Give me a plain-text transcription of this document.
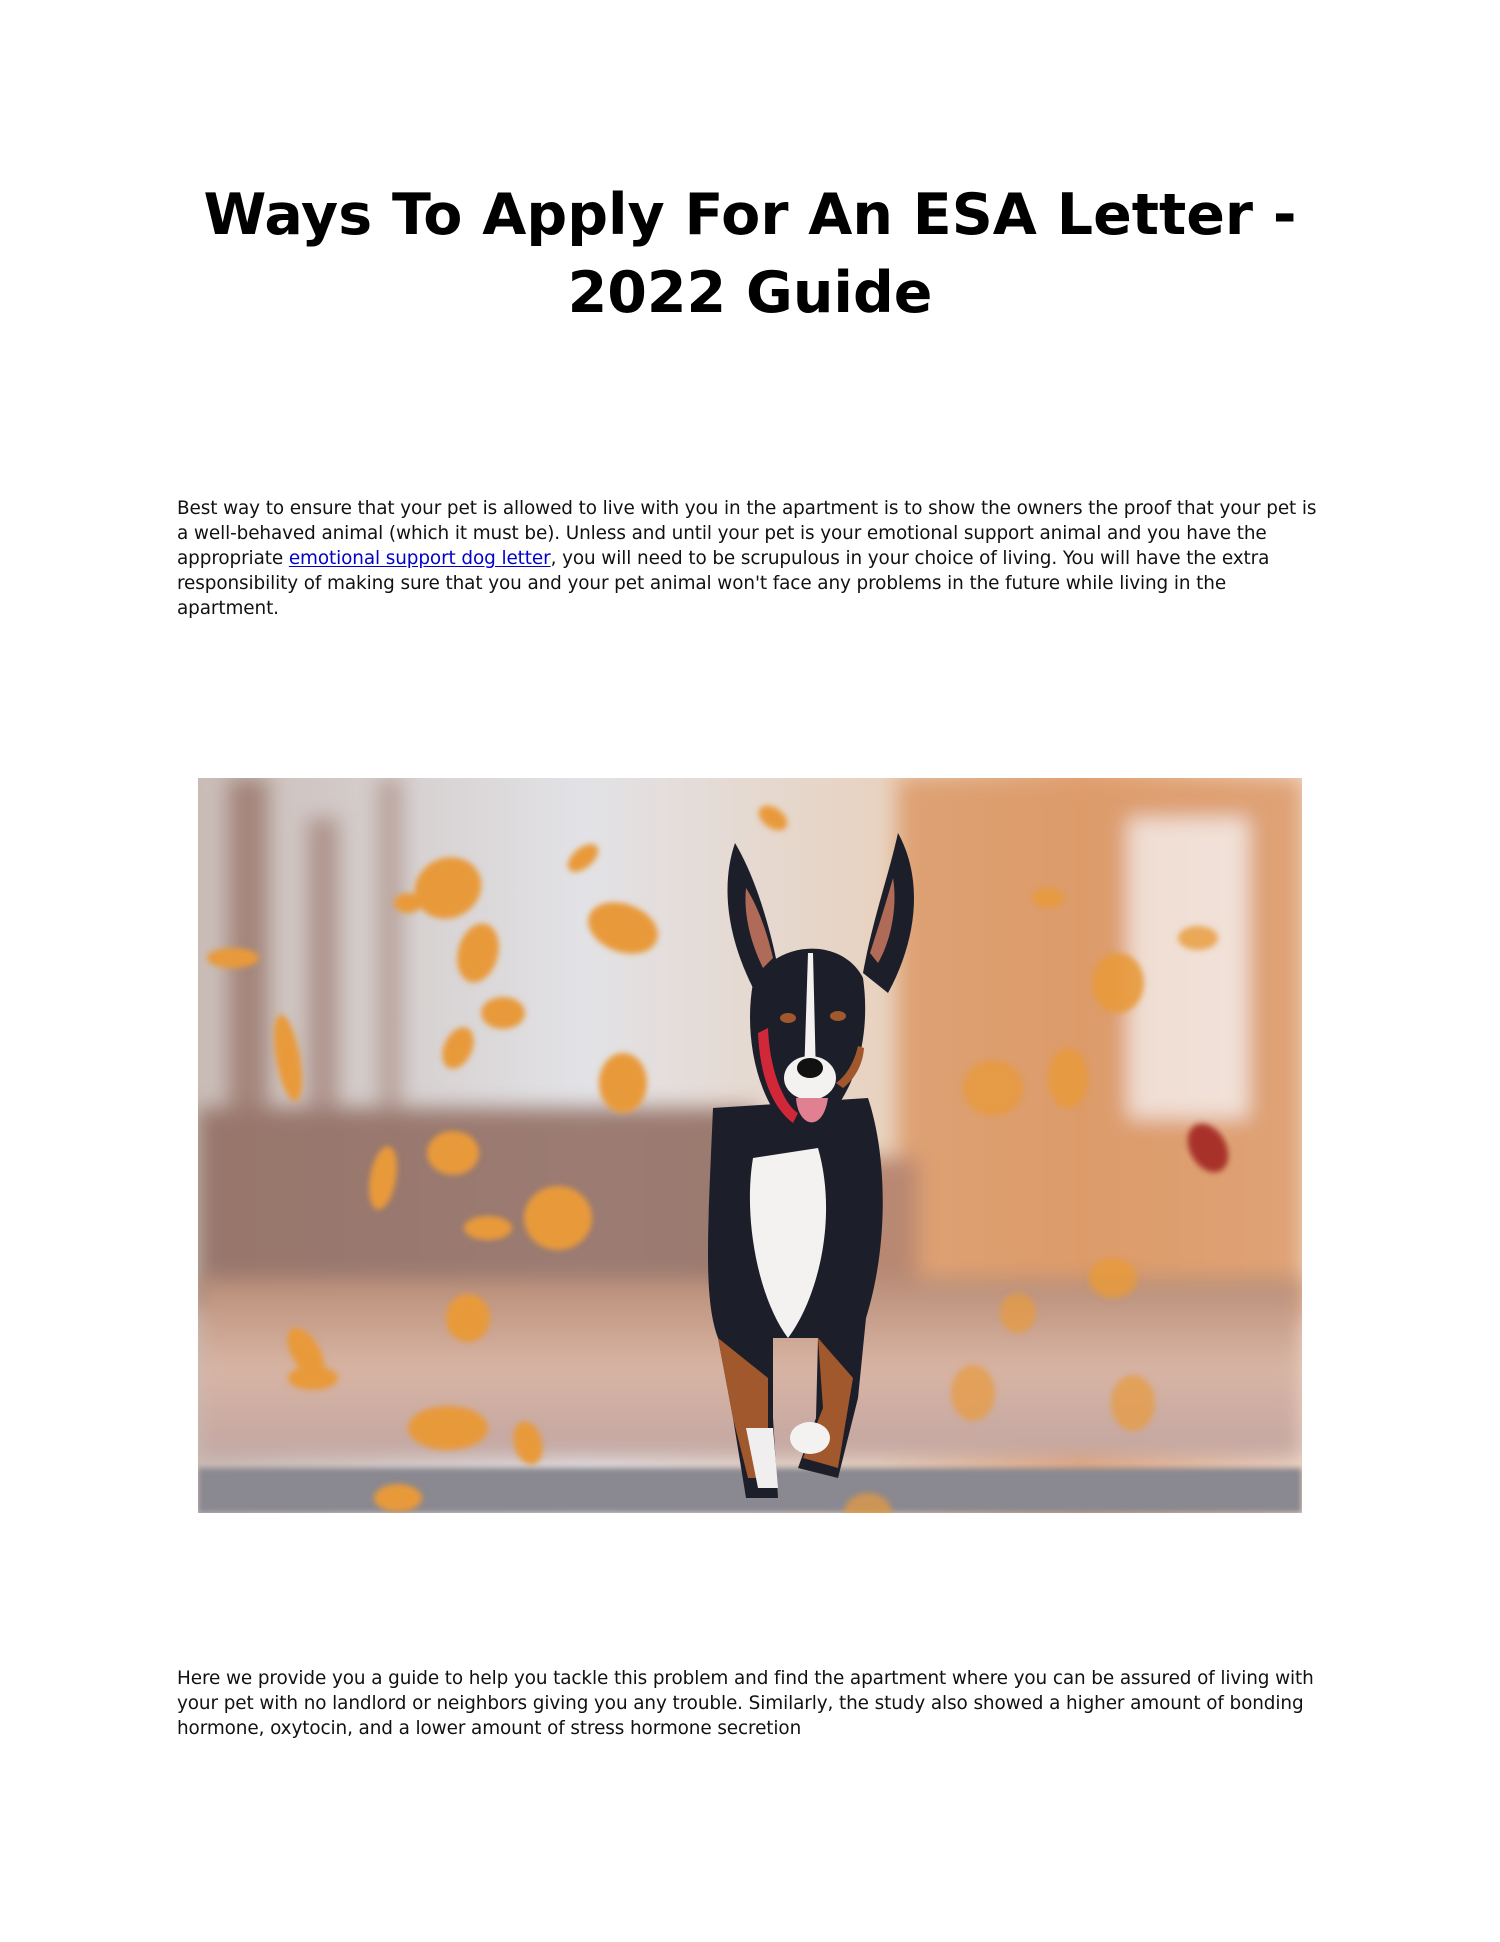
Ways To Apply For An ESA Letter -
2022 Guide

Best way to ensure that your pet is allowed to live with you in the apartment is to show the owners the proof that your pet is a well-behaved animal (which it must be). Unless and until your pet is your emotional support animal and you have the appropriate emotional support dog letter, you will need to be scrupulous in your choice of living. You will have the extra responsibility of making sure that you and your pet animal won't face any problems in the future while living in the apartment.

Here we provide you a guide to help you tackle this problem and find the apartment where you can be assured of living with your pet with no landlord or neighbors giving you any trouble. Similarly, the study also showed a higher amount of bonding hormone, oxytocin, and a lower amount of stress hormone secretion
